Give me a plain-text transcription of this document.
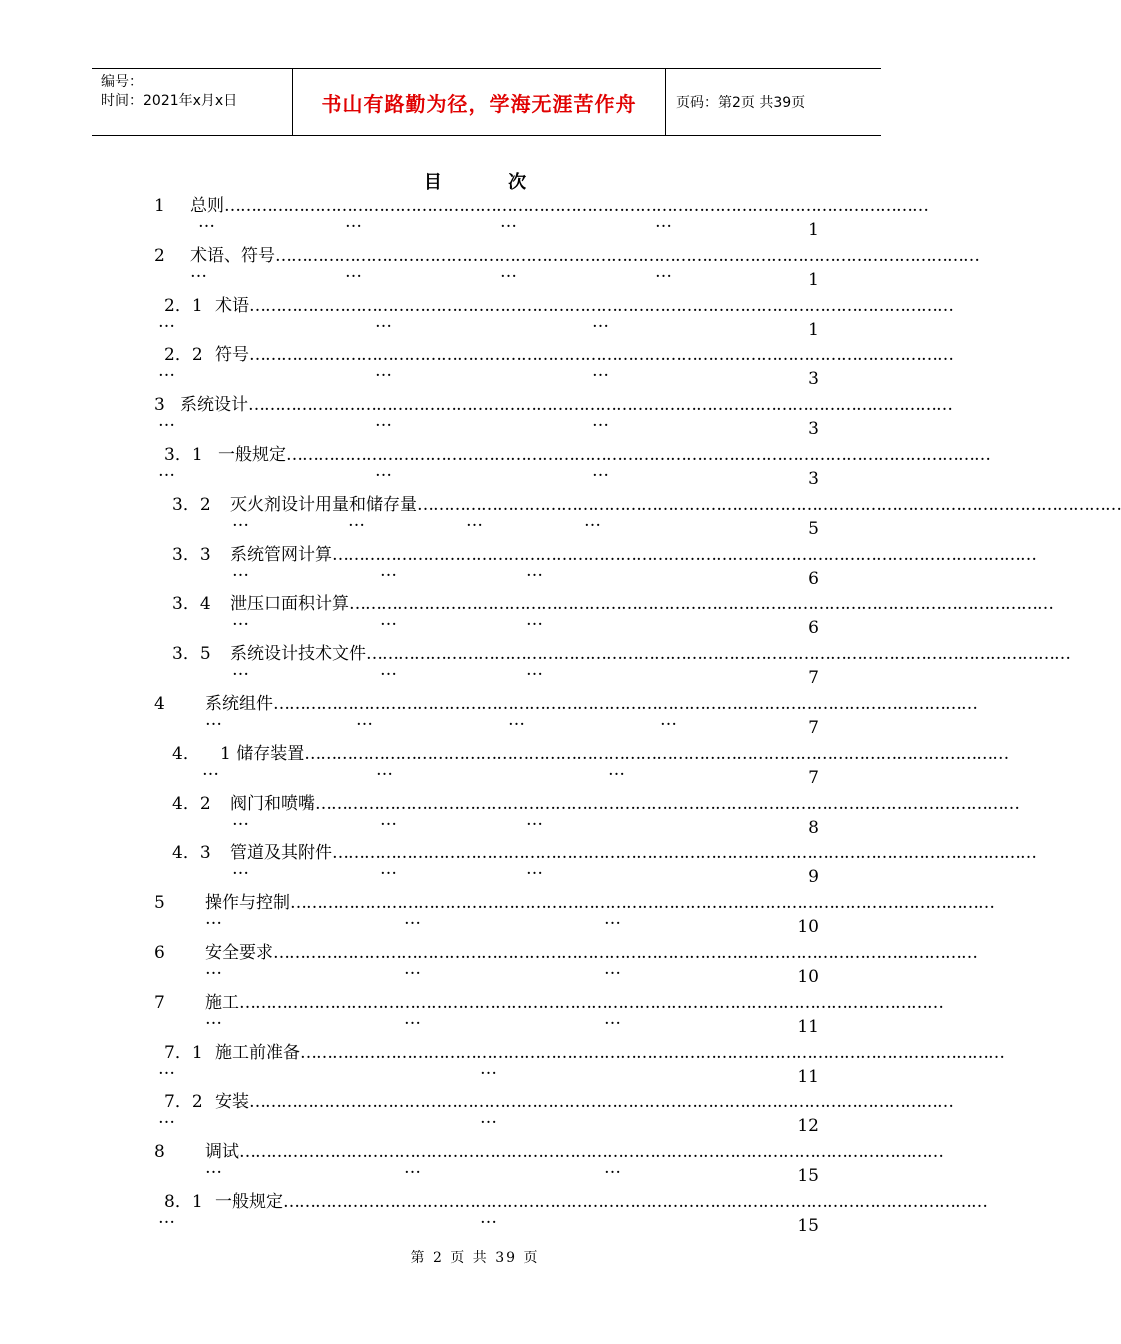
编号：
时间：2021年x月x日	书山有路勤为径，学海无涯苦作舟	页码：第2页 共39页
目 次
1 总则 ……………………………………………………………………………………………………………………
…	…	…	…	1
2 术语、符号 ……………………………………………………………………………………………………………………
…	…	…	…	1
2．1 术语 ……………………………………………………………………………………………………………………
…	…	…	1
2．2 符号 ……………………………………………………………………………………………………………………
…	…	…	3
3 系统设计 ……………………………………………………………………………………………………………………
…	…	…	3
3．1 一般规定 ……………………………………………………………………………………………………………………
…	…	…	3
3．2 灭火剂设计用量和储存量 ……………………………………………………………………………………………………………………
…	…	…	…	5
3．3 系统管网计算 ……………………………………………………………………………………………………………………
…	…	…	6
3．4 泄压口面积计算 ……………………………………………………………………………………………………………………
…	…	…	6
3．5 系统设计技术文件 ……………………………………………………………………………………………………………………
…	…	…	7
4 系统组件 ……………………………………………………………………………………………………………………
…	…	…	…	7
4． 1 储存装置 ……………………………………………………………………………………………………………………
…	…	…	7
4．2 阀门和喷嘴 ……………………………………………………………………………………………………………………
…	…	…	8
4．3 管道及其附件 ……………………………………………………………………………………………………………………
…	…	…	9
5 操作与控制 ……………………………………………………………………………………………………………………
…	…	…	10
6 安全要求 ……………………………………………………………………………………………………………………
…	…	…	10
7 施工 ……………………………………………………………………………………………………………………
…	…	…	11
7．1 施工前准备 ……………………………………………………………………………………………………………………
…	…	11
7．2 安装 ……………………………………………………………………………………………………………………
…	…	12
8 调试 ……………………………………………………………………………………………………………………
…	…	…	15
8．1 一般规定 ……………………………………………………………………………………………………………………
…	…	15
第 2 页 共 39 页
